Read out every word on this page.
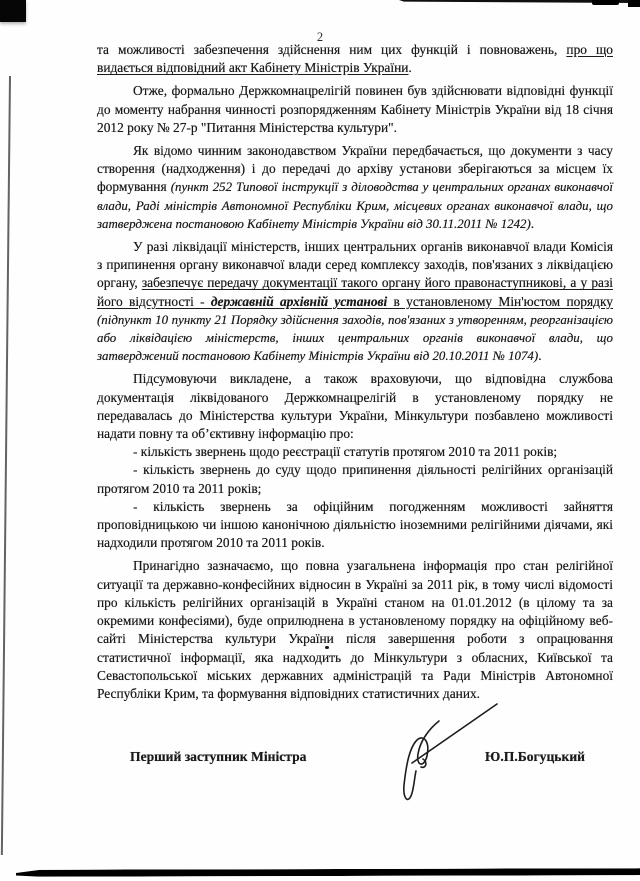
2

та можливості забезпечення здійснення ним цих функцій і повноважень, про що видається відповідний акт Кабінету Міністрів України.

Отже, формально Держкомнацрелігій повинен був здійснювати відповідні функції до моменту набрання чинності розпорядженням Кабінету Міністрів України від 18 січня 2012 року № 27-р "Питання Міністерства культури".

Як відомо чинним законодавством України передбачається, що документи з часу створення (надходження) і до передачі до архіву установи зберігаються за місцем їх формування (пункт 252 Типової інструкції з діловодства у центральних органах виконавчої влади, Раді міністрів Автономної Республіки Крим, місцевих органах виконавчої влади, що затверджена постановою Кабінету Міністрів України від 30.11.2011 № 1242).

У разі ліквідації міністерств, інших центральних органів виконавчої влади Комісія з припинення органу виконавчої влади серед комплексу заходів, пов'язаних з ліквідацією органу, забезпечує передачу документації такого органу його правонаступникові, а у разі його відсутності - державній архівній установі в установленому Мін'юстом порядку (підпункт 10 пункту 21 Порядку здійснення заходів, пов'язаних з утворенням, реорганізацією або ліквідацією міністерств, інших центральних органів виконавчої влади, що затверджений постановою Кабінету Міністрів України від 20.10.2011 № 1074).

Підсумовуючи викладене, а також враховуючи, що відповідна службова документація ліквідованого Держкомнацрелігій в установленому порядку не передавалась до Міністерства культури України, Мінкультури позбавлено можливості надати повну та об’єктивну інформацію про:

- кількість звернень щодо реєстрації статутів протягом 2010 та 2011 років;

- кількість звернень до суду щодо припинення діяльності релігійних організацій протягом 2010 та 2011 років;

- кількість звернень за офіційним погодженням можливості зайняття проповідницькою чи іншою канонічною діяльністю іноземними релігійними діячами, які надходили протягом 2010 та 2011 років.

Принагідно зазначаємо, що повна узагальнена інформація про стан релігійної ситуації та державно-конфесійних відносин в Україні за 2011 рік, в тому числі відомості про кількість релігійних організацій в Україні станом на 01.01.2012 (в цілому та за окремими конфесіями), буде оприлюднена в установленому порядку на офіційному веб-сайті Міністерства культури України після завершення роботи з опрацювання статистичної інформації, яка надходить до Мінкультури з обласних, Київської та Севастопольської міських державних адміністрацій та Ради Міністрів Автономної Республіки Крим, та формування відповідних статистичних даних.

Перший заступник Міністра	Ю.П.Богуцький
